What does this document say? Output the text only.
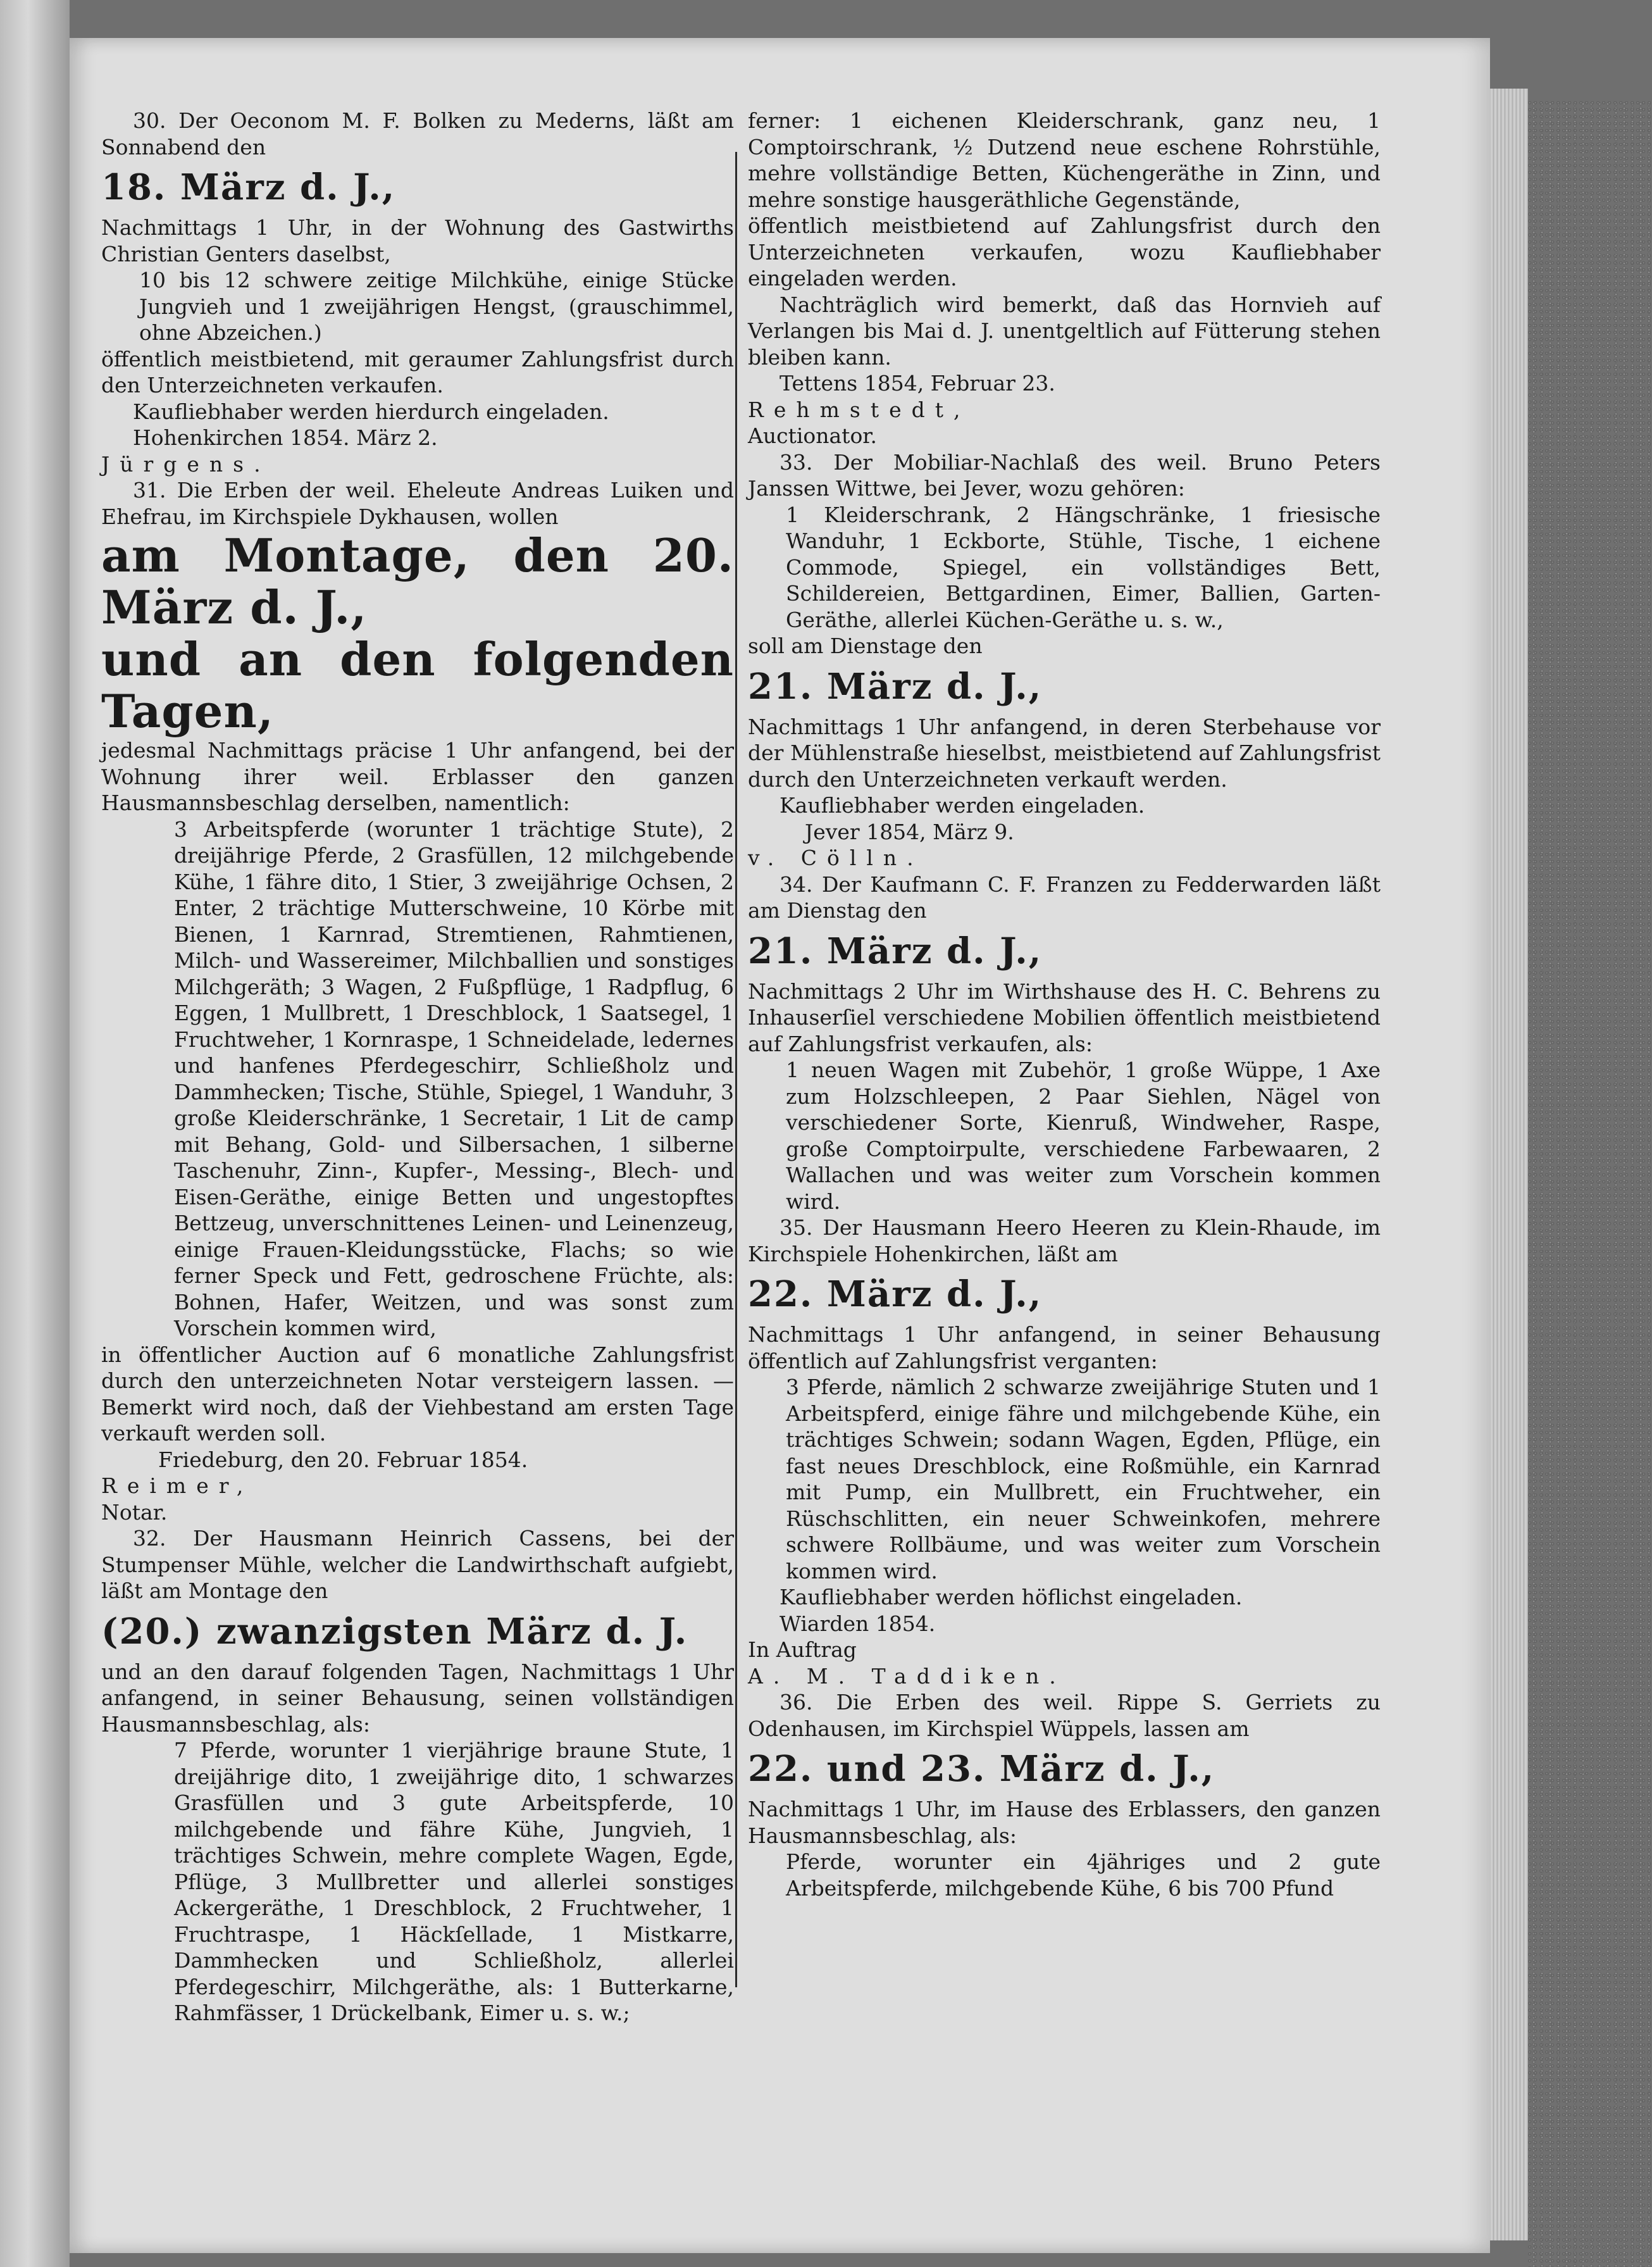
30. Der Oeconom M. F. Bolken zu Mederns, läßt am Sonnabend den

18. März d. J.,

Nachmittags 1 Uhr, in der Wohnung des Gastwirths Christian Genters daselbst,

10 bis 12 schwere zeitige Milchkühe, einige Stücke Jungvieh und 1 zweijährigen Hengst, (grauschimmel, ohne Abzeichen.)

öffentlich meistbietend, mit geraumer Zahlungsfrist durch den Unterzeichneten verkaufen.

Kaufliebhaber werden hierdurch eingeladen.

Hohenkirchen 1854. März 2.

Jürgens.

31. Die Erben der weil. Eheleute Andreas Luiken und Ehefrau, im Kirchspiele Dykhausen, wollen

am Montage, den 20. März d. J.,

und an den folgenden Tagen,

jedesmal Nachmittags präcise 1 Uhr anfangend, bei der Wohnung ihrer weil. Erblasser den ganzen Hausmannsbeschlag derselben, namentlich:

3 Arbeitspferde (worunter 1 trächtige Stute), 2 dreijährige Pferde, 2 Grasfüllen, 12 milchgebende Kühe, 1 fähre dito, 1 Stier, 3 zweijährige Ochsen, 2 Enter, 2 trächtige Mutterschweine, 10 Körbe mit Bienen, 1 Karnrad, Stremtienen, Rahmtienen, Milch- und Wassereimer, Milchballien und sonstiges Milchgeräth; 3 Wagen, 2 Fußpflüge, 1 Radpflug, 6 Eggen, 1 Mullbrett, 1 Dreschblock, 1 Saatsegel, 1 Fruchtweher, 1 Kornraspe, 1 Schneidelade, ledernes und hanfenes Pferdegeschirr, Schließholz und Dammhecken; Tische, Stühle, Spiegel, 1 Wanduhr, 3 große Kleiderschränke, 1 Secretair, 1 Lit de camp mit Behang, Gold- und Silbersachen, 1 silberne Taschenuhr, Zinn-, Kupfer-, Messing-, Blech- und Eisen-Geräthe, einige Betten und ungestopftes Bettzeug, unverschnittenes Leinen- und Leinenzeug, einige Frauen-Kleidungsstücke, Flachs; so wie ferner Speck und Fett, gedroschene Früchte, als: Bohnen, Hafer, Weitzen, und was sonst zum Vorschein kommen wird,

in öffentlicher Auction auf 6 monatliche Zahlungsfrist durch den unterzeichneten Notar versteigern lassen. — Bemerkt wird noch, daß der Viehbestand am ersten Tage verkauft werden soll.

Friedeburg, den 20. Februar 1854.

Reimer,

Notar.

32. Der Hausmann Heinrich Cassens, bei der Stumpenser Mühle, welcher die Landwirthschaft aufgiebt, läßt am Montage den

(20.) zwanzigsten März d. J.

und an den darauf folgenden Tagen, Nachmittags 1 Uhr anfangend, in seiner Behausung, seinen vollständigen Hausmannsbeschlag, als:

7 Pferde, worunter 1 vierjährige braune Stute, 1 dreijährige dito, 1 zweijährige dito, 1 schwarzes Grasfüllen und 3 gute Arbeitspferde, 10 milchgebende und fähre Kühe, Jungvieh, 1 trächtiges Schwein, mehre complete Wagen, Egde, Pflüge, 3 Mullbretter und allerlei sonstiges Ackergeräthe, 1 Dreschblock, 2 Fruchtweher, 1 Fruchtraspe, 1 Häckſellade, 1 Mistkarre, Dammhecken und Schließholz, allerlei Pferdegeschirr, Milchgeräthe, als: 1 Butterkarne, Rahmfässer, 1 Drückelbank, Eimer u. s. w.;

ferner: 1 eichenen Kleiderschrank, ganz neu, 1 Comptoirschrank, ½ Dutzend neue eschene Rohrstühle, mehre vollständige Betten, Küchengeräthe in Zinn, und mehre sonstige hausgeräthliche Gegenstände,

öffentlich meistbietend auf Zahlungsfrist durch den Unterzeichneten verkaufen, wozu Kaufliebhaber eingeladen werden.

Nachträglich wird bemerkt, daß das Hornvieh auf Verlangen bis Mai d. J. unentgeltlich auf Fütterung stehen bleiben kann.

Tettens 1854, Februar 23.

Rehmstedt,

Auctionator.

33. Der Mobiliar-Nachlaß des weil. Bruno Peters Janssen Wittwe, bei Jever, wozu gehören:

1 Kleiderschrank, 2 Hängschränke, 1 friesische Wanduhr, 1 Eckborte, Stühle, Tische, 1 eichene Commode, Spiegel, ein vollständiges Bett, Schildereien, Bettgardinen, Eimer, Ballien, Garten-Geräthe, allerlei Küchen-Geräthe u. s. w.,

soll am Dienstage den

21. März d. J.,

Nachmittags 1 Uhr anfangend, in deren Sterbehause vor der Mühlenstraße hieselbst, meistbietend auf Zahlungsfrist durch den Unterzeichneten verkauft werden.

Kaufliebhaber werden eingeladen.

Jever 1854, März 9.

v. Cölln.

34. Der Kaufmann C. F. Franzen zu Fedderwarden läßt am Dienstag den

21. März d. J.,

Nachmittags 2 Uhr im Wirthshause des H. C. Behrens zu Inhauserſiel verschiedene Mobilien öffentlich meistbietend auf Zahlungsfrist verkaufen, als:

1 neuen Wagen mit Zubehör, 1 große Wüppe, 1 Axe zum Holzschleepen, 2 Paar Siehlen, Nägel von verschiedener Sorte, Kienruß, Windweher, Raspe, große Comptoirpulte, verschiedene Farbewaaren, 2 Wallachen und was weiter zum Vorschein kommen wird.

35. Der Hausmann Heero Heeren zu Klein-Rhaude, im Kirchspiele Hohenkirchen, läßt am

22. März d. J.,

Nachmittags 1 Uhr anfangend, in seiner Behausung öffentlich auf Zahlungsfrist verganten:

3 Pferde, nämlich 2 schwarze zweijährige Stuten und 1 Arbeitspferd, einige fähre und milchgebende Kühe, ein trächtiges Schwein; sodann Wagen, Egden, Pflüge, ein fast neues Dreschblock, eine Roßmühle, ein Karnrad mit Pump, ein Mullbrett, ein Fruchtweher, ein Rüschschlitten, ein neuer Schweinkofen, mehrere schwere Rollbäume, und was weiter zum Vorschein kommen wird.

Kaufliebhaber werden höflichst eingeladen.

Wiarden 1854.

In Auftrag

A. M. Taddiken.

36. Die Erben des weil. Rippe S. Gerriets zu Odenhausen, im Kirchspiel Wüppels, lassen am

22. und 23. März d. J.,

Nachmittags 1 Uhr, im Hause des Erblassers, den ganzen Hausmannsbeschlag, als:

Pferde, worunter ein 4jähriges und 2 gute Arbeitspferde, milchgebende Kühe, 6 bis 700 Pfund
